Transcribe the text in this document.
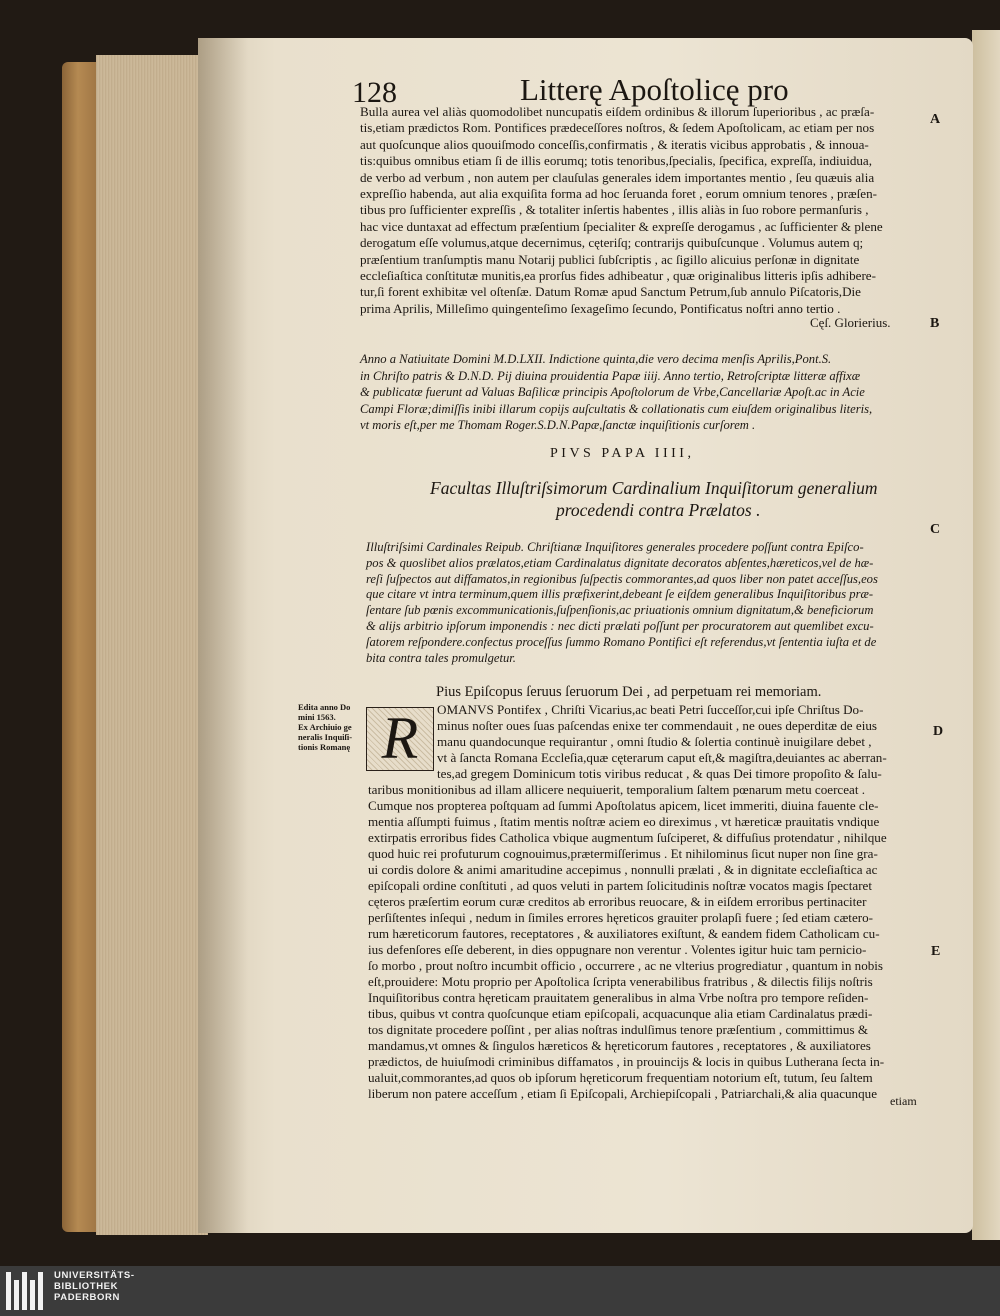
128	Litterę Apoſtolicę pro
Bulla aurea vel aliàs quomodolibet nuncupatis eiſdem ordinibus & illorum ſuperioribus , ac præſa-
tis,etiam prædictos Rom. Pontifices prædeceſſores noſtros, & ſedem Apoſtolicam, ac etiam per nos
aut quoſcunque alios quouiſmodo conceſſis,confirmatis , & iteratis vicibus approbatis , & innoua-
tis:quibus omnibus etiam ſi de illis eorumq; totis tenoribus,ſpecialis, ſpecifica, expreſſa, indiuidua,
de verbo ad verbum , non autem per clauſulas generales idem importantes mentio , ſeu quæuis alia
expreſſio habenda, aut alia exquiſita forma ad hoc ſeruanda foret , eorum omnium tenores , præſen-
tibus pro ſufficienter expreſſis , & totaliter inſertis habentes , illis aliàs in ſuo robore permanſuris ,
hac vice duntaxat ad effectum præſentium ſpecialiter & expreſſe derogamus , ac ſufficienter & plene
derogatum eſſe volumus,atque decernimus, cęteriſq; contrarijs quibuſcunque . Volumus autem q;
præſentium tranſumptis manu Notarij publici ſubſcriptis , ac ſigillo alicuius perſonæ in dignitate
eccleſiaſtica conſtitutæ munitis,ea prorſus fides adhibeatur , quæ originalibus litteris ipſis adhibere-
tur,ſi forent exhibitæ vel oſtenſæ. Datum Romæ apud Sanctum Petrum,ſub annulo Piſcatoris,Die
prima Aprilis, Milleſimo quingenteſimo ſexageſimo ſecundo, Pontificatus noſtri anno tertio .
Cęſ. Glorierius.
Anno a Natiuitate Domini M.D.LXII. Indictione quinta,die vero decima menſis Aprilis,Pont.S.
in Chriſto patris & D.N.D. Pij diuina prouidentia Papæ iiij. Anno tertio, Retroſcriptæ litteræ affixæ
& publicatæ fuerunt ad Valuas Baſilicæ principis Apoſtolorum de Vrbe,Cancellariæ Apoſt.ac in Acie
Campi Floræ;dimiſſis inibi illarum copijs auſcultatis & collationatis cum eiuſdem originalibus literis,
vt moris eſt,per me Thomam Roger.S.D.N.Papæ,ſanctæ inquiſitionis curſorem .
PIVS PAPA IIII,
Facultas Illuſtriſsimorum Cardinalium Inquiſitorum generalium
procedendi contra Prælatos .
Illuſtriſsimi Cardinales Reipub. Chriſtianæ Inquiſitores generales procedere poſſunt contra Epiſco-
pos & quoslibet alios prælatos,etiam Cardinalatus dignitate decoratos abſentes,hæreticos,vel de hæ-
reſi ſuſpectos aut diffamatos,in regionibus ſuſpectis commorantes,ad quos liber non patet acceſſus,eos
que citare vt intra terminum,quem illis præfixerint,debeant ſe eiſdem generalibus Inquiſitoribus præ-
ſentare ſub pœnis excommunicationis,ſuſpenſionis,ac priuationis omnium dignitatum,& beneficiorum
& alijs arbitrio ipſorum imponendis : nec dicti prælati poſſunt per procuratorem aut quemlibet excu-
ſatorem reſpondere.confectus proceſſus ſummo Romano Pontifici eſt referendus,vt ſententia iuſta et de
bita contra tales promulgetur.
Edita anno Do
mini 1563.
Ex Archiuio ge
neralis Inquiſi-
tionis Romanę
Pius Epiſcopus ſeruus ſeruorum Dei , ad perpetuam rei memoriam.
R	OMANVS Pontifex , Chriſti Vicarius,ac beati Petri ſucceſſor,cui ipſe Chriſtus Do-
minus noſter oues ſuas paſcendas enixe ter commendauit , ne oues deperditæ de eius
manu quandocunque requirantur , omni ſtudio & ſolertia continuè inuigilare debet ,
vt à ſancta Romana Eccleſia,quæ cęterarum caput eſt,& magiſtra,deuiantes ac aberran-
tes,ad gregem Dominicum totis viribus reducat , & quas Dei timore propoſito & ſalu-
taribus monitionibus ad illam allicere nequiuerit, temporalium ſaltem pœnarum metu coerceat .
Cumque nos propterea poſtquam ad ſummi Apoſtolatus apicem, licet immeriti, diuina fauente cle-
mentia aſſumpti fuimus , ſtatim mentis noſtræ aciem eo direximus , vt hæreticæ prauitatis vndique
extirpatis erroribus fides Catholica vbique augmentum ſuſciperet, & diffuſius protendatur , nihilque
quod huic rei profuturum cognouimus,prætermiſſerimus . Et nihilominus ſicut nuper non ſine gra-
ui cordis dolore & animi amaritudine accepimus , nonnulli prælati , & in dignitate eccleſiaſtica ac
epiſcopali ordine conſtituti , ad quos veluti in partem ſolicitudinis noſtræ vocatos magis ſpectaret
cęteros præſertim eorum curæ creditos ab erroribus reuocare, & in eiſdem erroribus pertinaciter
perſiſtentes inſequi , nedum in ſimiles errores hęreticos grauiter prolapſi fuere ; ſed etiam cætero-
rum hæreticorum fautores, receptatores , & auxiliatores exiſtunt, & eandem fidem Catholicam cu-
ius defenſores eſſe deberent, in dies oppugnare non verentur . Volentes igitur huic tam pernicio-
ſo morbo , prout noſtro incumbit officio , occurrere , ac ne vlterius progrediatur , quantum in nobis
eſt,prouidere: Motu proprio per Apoſtolica ſcripta venerabilibus fratribus , & dilectis filijs noſtris
Inquiſitoribus contra hęreticam prauitatem generalibus in alma Vrbe noſtra pro tempore reſiden-
tibus, quibus vt contra quoſcunque etiam epiſcopali, acquacunque alia etiam Cardinalatus prædi-
tos dignitate procedere poſſint , per alias noſtras indulſimus tenore præſentium , committimus &
mandamus,vt omnes & ſingulos hæreticos & hęreticorum fautores , receptatores , & auxiliatores
prædictos, de huiuſmodi criminibus diffamatos , in prouincijs & locis in quibus Lutherana ſecta in-
ualuit,commorantes,ad quos ob ipſorum hęreticorum frequentiam notorium eſt, tutum, ſeu ſaltem
liberum non patere acceſſum , etiam ſi Epiſcopali, Archiepiſcopali , Patriarchali,& alia quacunque etiam
A
B
C
D
E
UNIVERSITÄTS-
BIBLIOTHEK
PADERBORN
